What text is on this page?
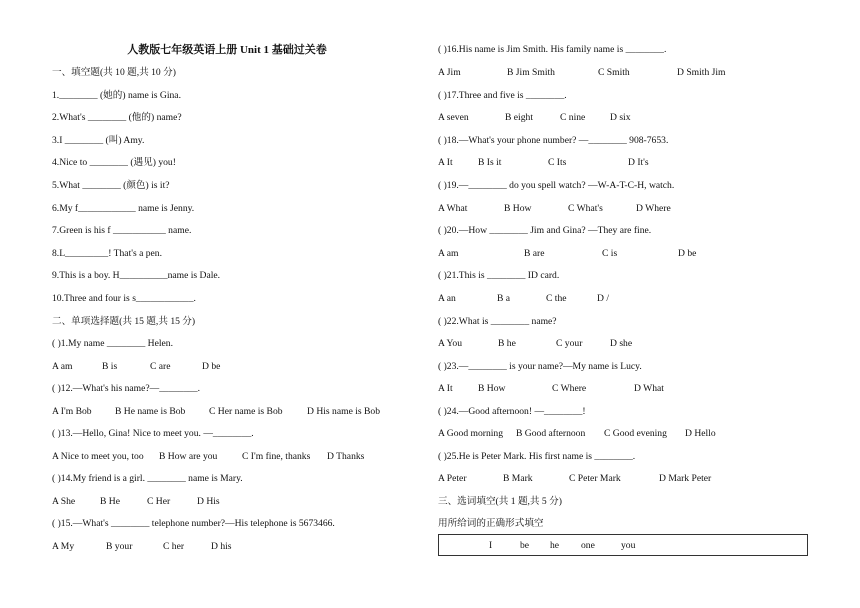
人教版七年级英语上册 Unit 1 基础过关卷
一、填空题(共 10 题,共 10 分)
1.________ (她的) name is Gina.
2.What's ________ (他的) name?
3.I ________ (叫) Amy.
4.Nice to ________ (遇见) you!
5.What ________ (颜色) is it?
6.My f____________ name is Jenny.
7.Green is his f ___________ name.
8.L_________! That's a pen.
9.This is a boy. H__________name is Dale.
10.Three and four is s____________.
二、单项选择题(共 15 题,共 15 分)
( )1.My name ________ Helen.
A am	B is	C are	D be
( )12.—What's his name?—________.
A I'm Bob B He name is Bob C Her name is Bob	D His name is Bob
( )13.—Hello, Gina! Nice to meet you. —________.
A Nice to meet you, too B How are you	C I'm fine, thanks D Thanks
( )14.My friend is a girl. ________ name is Mary.
A She	B He	C Her	D His
( )15.—What's ________ telephone number?—His telephone is 5673466.
A My	B your	C her	D his
( )16.His name is Jim Smith. His family name is ________.
A Jim	B Jim Smith	C Smith	D Smith Jim
( )17.Three and five is ________.
A seven	B eight	C nine	D six
( )18.—What's your phone number? —________ 908-7653.
A It	B Is it	C Its	D It's
( )19.—________ do you spell watch? —W-A-T-C-H, watch.
A What	B How	C What's	D Where
( )20.—How ________ Jim and Gina? —They are fine.
A am	B are	C is	D be
( )21.This is ________ ID card.
A an	B a	C the	D /
( )22.What is ________ name?
A You	B he	C your	D she
( )23.—________ is your name?—My name is Lucy.
A It	B How	C Where	D What
( )24.—Good afternoon! —________!
A Good morning B Good afternoon C Good evening D Hello
( )25.He is Peter Mark. His first name is ________.
A Peter	B Mark	C Peter Mark	D Mark Peter
三、选词填空(共 1 题,共 5 分)
用所给词的正确形式填空
I	be he one	you
